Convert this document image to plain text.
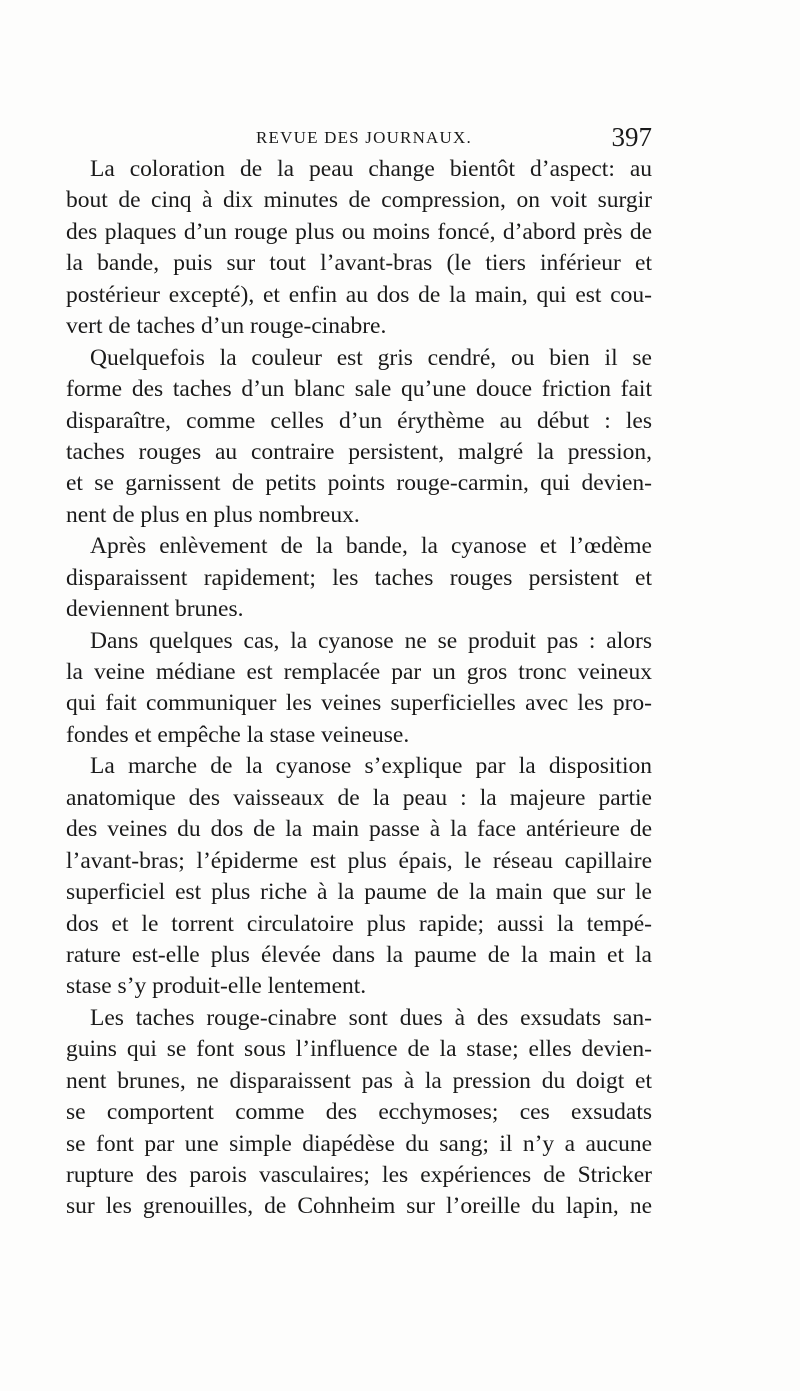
REVUE DES JOURNAUX.	397
La coloration de la peau change bientôt d’aspect: au
bout de cinq à dix minutes de compression, on voit surgir
des plaques d’un rouge plus ou moins foncé, d’abord près de
la bande, puis sur tout l’avant-bras (le tiers inférieur et
postérieur excepté), et enfin au dos de la main, qui est cou-
vert de taches d’un rouge-cinabre.
Quelquefois la couleur est gris cendré, ou bien il se
forme des taches d’un blanc sale qu’une douce friction fait
disparaître, comme celles d’un érythème au début : les
taches rouges au contraire persistent, malgré la pression,
et se garnissent de petits points rouge-carmin, qui devien-
nent de plus en plus nombreux.
Après enlèvement de la bande, la cyanose et l’œdème
disparaissent rapidement; les taches rouges persistent et
deviennent brunes.
Dans quelques cas, la cyanose ne se produit pas : alors
la veine médiane est remplacée par un gros tronc veineux
qui fait communiquer les veines superficielles avec les pro-
fondes et empêche la stase veineuse.
La marche de la cyanose s’explique par la disposition
anatomique des vaisseaux de la peau : la majeure partie
des veines du dos de la main passe à la face antérieure de
l’avant-bras; l’épiderme est plus épais, le réseau capillaire
superficiel est plus riche à la paume de la main que sur le
dos et le torrent circulatoire plus rapide; aussi la tempé-
rature est-elle plus élevée dans la paume de la main et la
stase s’y produit-elle lentement.
Les taches rouge-cinabre sont dues à des exsudats san-
guins qui se font sous l’influence de la stase; elles devien-
nent brunes, ne disparaissent pas à la pression du doigt et
se comportent comme des ecchymoses; ces exsudats
se font par une simple diapédèse du sang; il n’y a aucune
rupture des parois vasculaires; les expériences de Stricker
sur les grenouilles, de Cohnheim sur l’oreille du lapin, ne
